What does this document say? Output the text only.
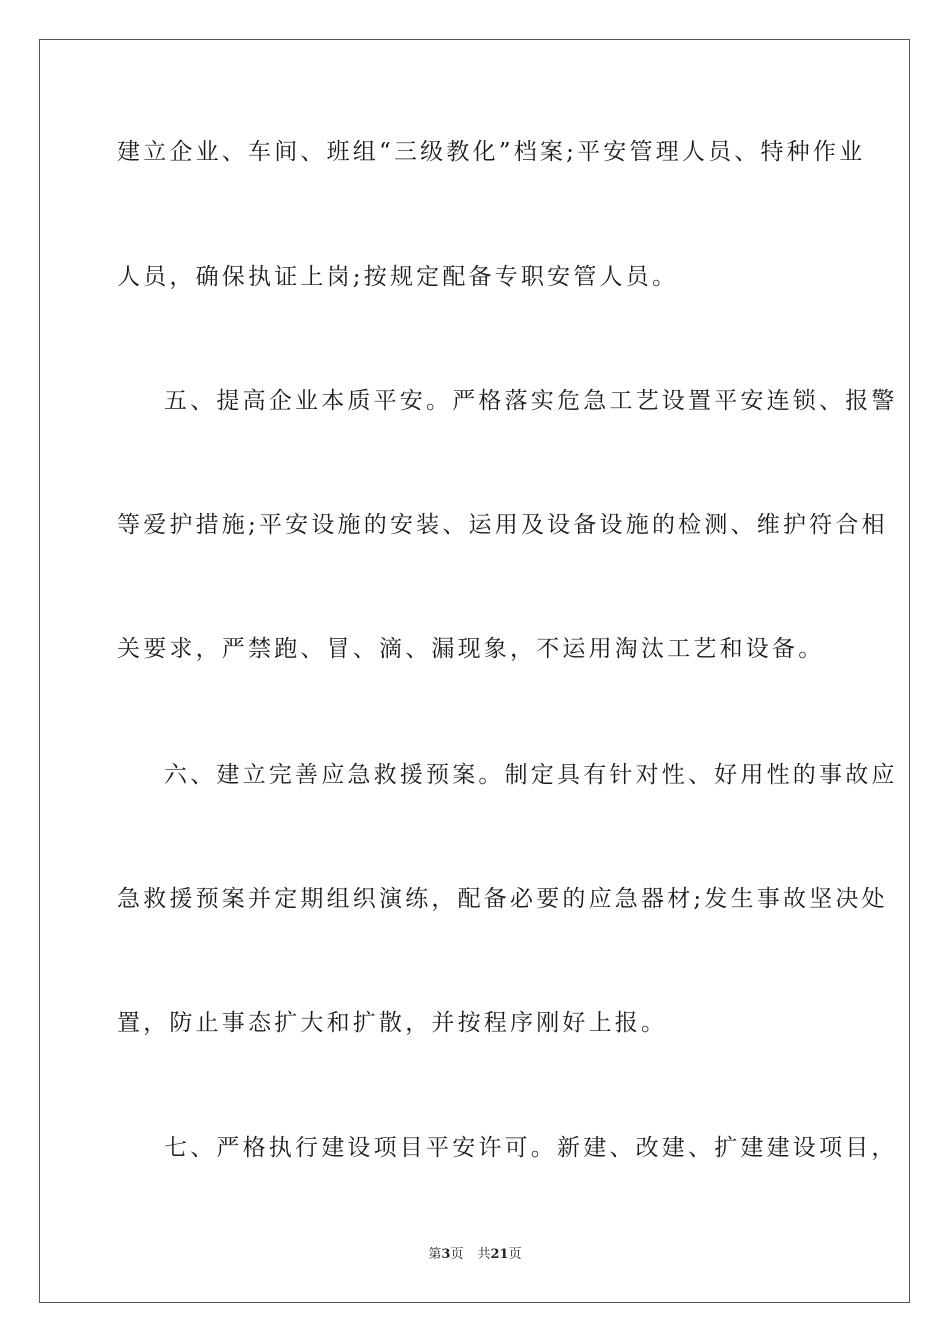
建立企业、车间、班组“三级教化”档案;平安管理人员、特种作业

人员，确保执证上岗;按规定配备专职安管人员。

五、提高企业本质平安。严格落实危急工艺设置平安连锁、报警

等爱护措施;平安设施的安装、运用及设备设施的检测、维护符合相

关要求，严禁跑、冒、滴、漏现象，不运用淘汰工艺和设备。

六、建立完善应急救援预案。制定具有针对性、好用性的事故应

急救援预案并定期组织演练，配备必要的应急器材;发生事故坚决处

置，防止事态扩大和扩散，并按程序刚好上报。

七、严格执行建设项目平安许可。新建、改建、扩建建设项目，

第3页 共21页
